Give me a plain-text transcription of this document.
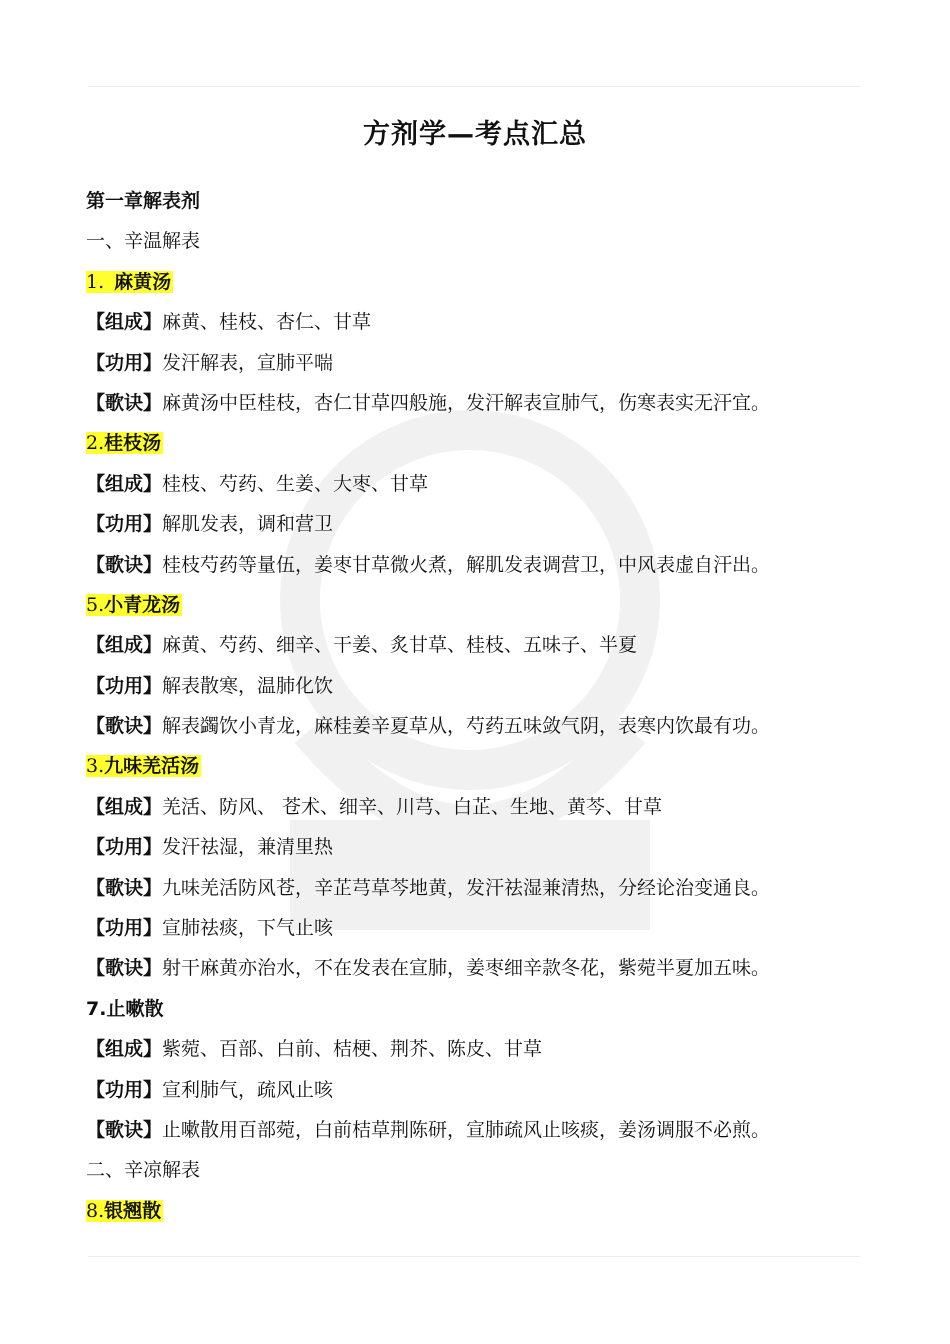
方剂学—考点汇总
第一章解表剂
一、辛温解表
1. 麻黄汤
【组成】麻黄、桂枝、杏仁、甘草
【功用】发汗解表，宣肺平喘
【歌诀】麻黄汤中臣桂枝，杏仁甘草四般施，发汗解表宣肺气，伤寒表实无汗宜。
2.桂枝汤
【组成】桂枝、芍药、生姜、大枣、甘草
【功用】解肌发表，调和营卫
【歌诀】桂枝芍药等量伍，姜枣甘草微火煮，解肌发表调营卫，中风表虚自汗出。
5.小青龙汤
【组成】麻黄、芍药、细辛、干姜、炙甘草、桂枝、五味子、半夏
【功用】解表散寒，温肺化饮
【歌诀】解表蠲饮小青龙，麻桂姜辛夏草从，芍药五味敛气阴，表寒内饮最有功。
3.九味羌活汤
【组成】羌活、防风、 苍术、细辛、川芎、白芷、生地、黄芩、甘草
【功用】发汗祛湿，兼清里热
【歌诀】九味羌活防风苍，辛芷芎草芩地黄，发汗祛湿兼清热，分经论治变通良。
【功用】宣肺祛痰，下气止咳
【歌诀】射干麻黄亦治水，不在发表在宣肺，姜枣细辛款冬花，紫菀半夏加五味。
7.止嗽散
【组成】紫菀、百部、白前、桔梗、荆芥、陈皮、甘草
【功用】宣利肺气，疏风止咳
【歌诀】止嗽散用百部菀，白前桔草荆陈研，宣肺疏风止咳痰，姜汤调服不必煎。
二、辛凉解表
8.银翘散
